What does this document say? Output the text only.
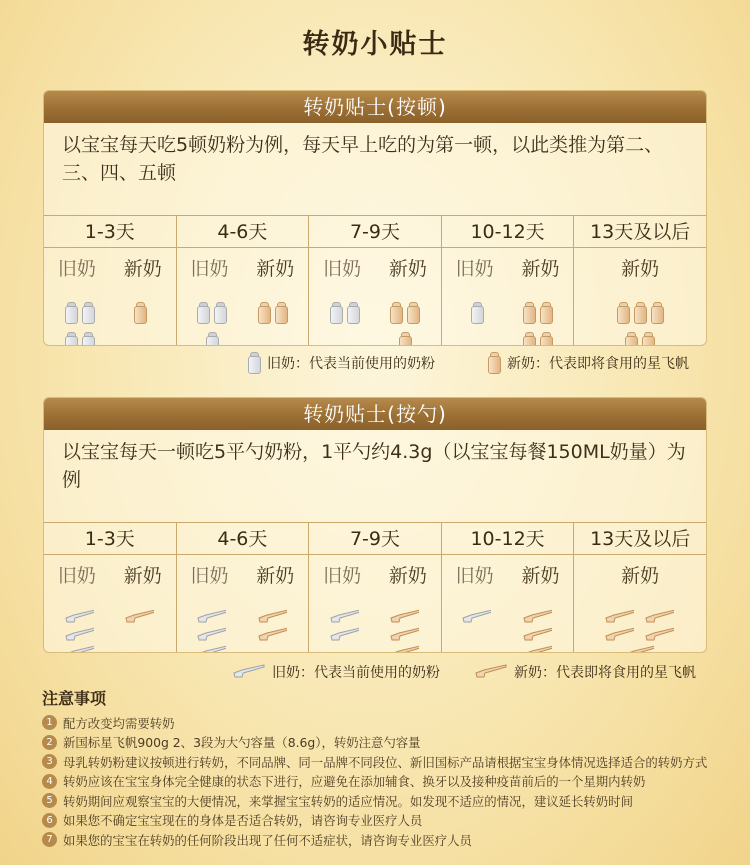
转奶小贴士
转奶贴士(按顿)
以宝宝每天吃5顿奶粉为例，每天早上吃的为第一顿，以此类推为第二、三、四、五顿
1-3天
旧奶	新奶
4-6天
旧奶	新奶
7-9天
旧奶	新奶
10-12天
旧奶	新奶
13天及以后
新奶
旧奶：代表当前使用的奶粉	新奶：代表即将食用的星飞帆
转奶贴士(按勺)
以宝宝每天一顿吃5平勺奶粉，1平勺约4.3g（以宝宝每餐150ML奶量）为例
1-3天
旧奶	新奶
4-6天
旧奶	新奶
7-9天
旧奶	新奶
10-12天
旧奶	新奶
13天及以后
新奶
旧奶：代表当前使用的奶粉	新奶：代表即将食用的星飞帆
注意事项
1 配方改变均需要转奶
2 新国标星飞帆900g 2、3段为大勺容量（8.6g），转奶注意勺容量
3 母乳转奶粉建议按顿进行转奶，不同品牌、同一品牌不同段位、新旧国标产品请根据宝宝身体情况选择适合的转奶方式
4 转奶应该在宝宝身体完全健康的状态下进行，应避免在添加辅食、换牙以及接种疫苗前后的一个星期内转奶
5 转奶期间应观察宝宝的大便情况，来掌握宝宝转奶的适应情况。如发现不适应的情况，建议延长转奶时间
6 如果您不确定宝宝现在的身体是否适合转奶，请咨询专业医疗人员
7 如果您的宝宝在转奶的任何阶段出现了任何不适症状，请咨询专业医疗人员
